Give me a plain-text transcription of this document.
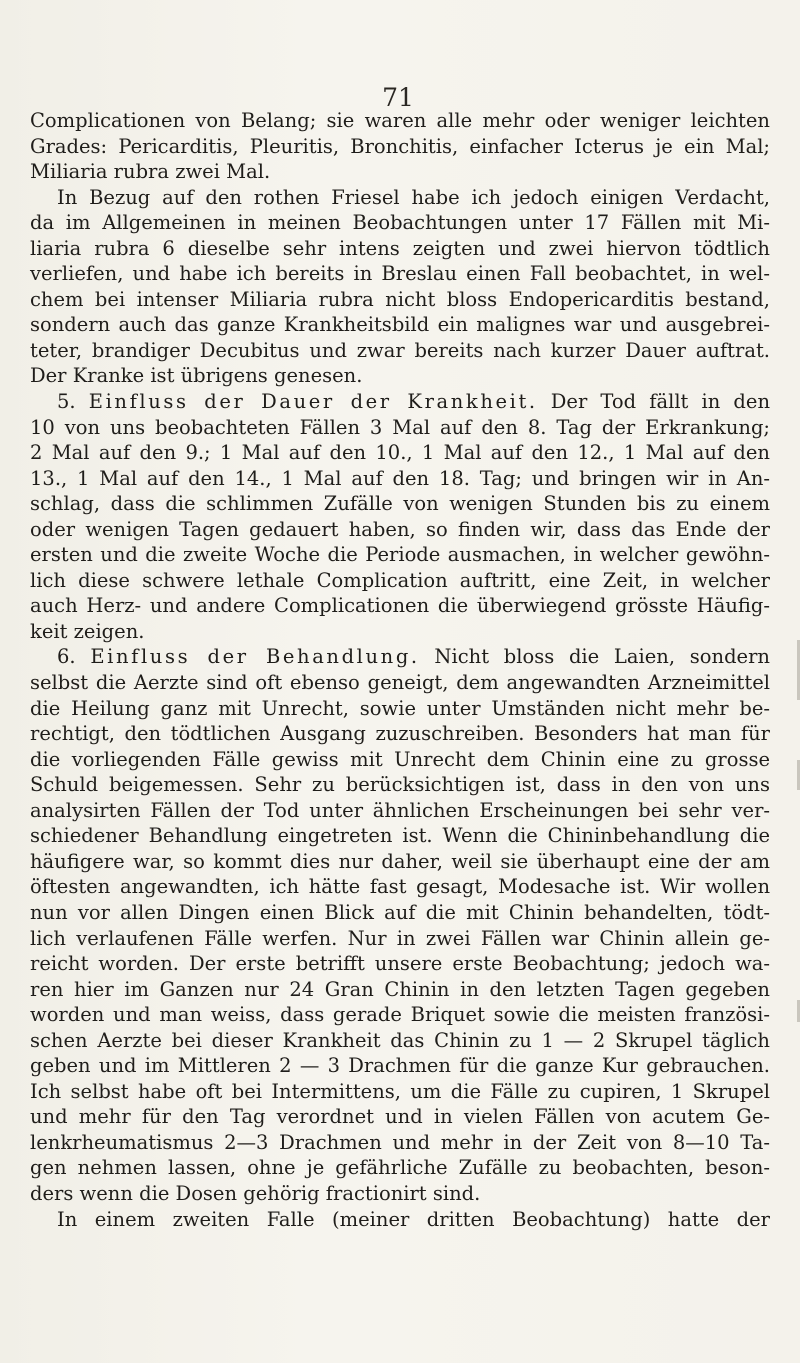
71
Complicationen von Belang; sie waren alle mehr oder weniger leichten
Grades: Pericarditis, Pleuritis, Bronchitis, einfacher Icterus je ein Mal;
Miliaria rubra zwei Mal.
In Bezug auf den rothen Friesel habe ich jedoch einigen Verdacht,
da im Allgemeinen in meinen Beobachtungen unter 17 Fällen mit Mi-
liaria rubra 6 dieselbe sehr intens zeigten und zwei hiervon tödtlich
verliefen, und habe ich bereits in Breslau einen Fall beobachtet, in wel-
chem bei intenser Miliaria rubra nicht bloss Endopericarditis bestand,
sondern auch das ganze Krankheitsbild ein malignes war und ausgebrei-
teter, brandiger Decubitus und zwar bereits nach kurzer Dauer auftrat.
Der Kranke ist übrigens genesen.
5. Einfluss der Dauer der Krankheit. Der Tod fällt in den
10 von uns beobachteten Fällen 3 Mal auf den 8. Tag der Erkrankung;
2 Mal auf den 9.; 1 Mal auf den 10., 1 Mal auf den 12., 1 Mal auf den
13., 1 Mal auf den 14., 1 Mal auf den 18. Tag; und bringen wir in An-
schlag, dass die schlimmen Zufälle von wenigen Stunden bis zu einem
oder wenigen Tagen gedauert haben, so finden wir, dass das Ende der
ersten und die zweite Woche die Periode ausmachen, in welcher gewöhn-
lich diese schwere lethale Complication auftritt, eine Zeit, in welcher
auch Herz- und andere Complicationen die überwiegend grösste Häufig-
keit zeigen.
6. Einfluss der Behandlung. Nicht bloss die Laien, sondern
selbst die Aerzte sind oft ebenso geneigt, dem angewandten Arzneimittel
die Heilung ganz mit Unrecht, sowie unter Umständen nicht mehr be-
rechtigt, den tödtlichen Ausgang zuzuschreiben. Besonders hat man für
die vorliegenden Fälle gewiss mit Unrecht dem Chinin eine zu grosse
Schuld beigemessen. Sehr zu berücksichtigen ist, dass in den von uns
analysirten Fällen der Tod unter ähnlichen Erscheinungen bei sehr ver-
schiedener Behandlung eingetreten ist. Wenn die Chininbehandlung die
häufigere war, so kommt dies nur daher, weil sie überhaupt eine der am
öftesten angewandten, ich hätte fast gesagt, Modesache ist. Wir wollen
nun vor allen Dingen einen Blick auf die mit Chinin behandelten, tödt-
lich verlaufenen Fälle werfen. Nur in zwei Fällen war Chinin allein ge-
reicht worden. Der erste betrifft unsere erste Beobachtung; jedoch wa-
ren hier im Ganzen nur 24 Gran Chinin in den letzten Tagen gegeben
worden und man weiss, dass gerade Briquet sowie die meisten französi-
schen Aerzte bei dieser Krankheit das Chinin zu 1 — 2 Skrupel täglich
geben und im Mittleren 2 — 3 Drachmen für die ganze Kur gebrauchen.
Ich selbst habe oft bei Intermittens, um die Fälle zu cupiren, 1 Skrupel
und mehr für den Tag verordnet und in vielen Fällen von acutem Ge-
lenkrheumatismus 2—3 Drachmen und mehr in der Zeit von 8—10 Ta-
gen nehmen lassen, ohne je gefährliche Zufälle zu beobachten, beson-
ders wenn die Dosen gehörig fractionirt sind.
In einem zweiten Falle (meiner dritten Beobachtung) hatte der
